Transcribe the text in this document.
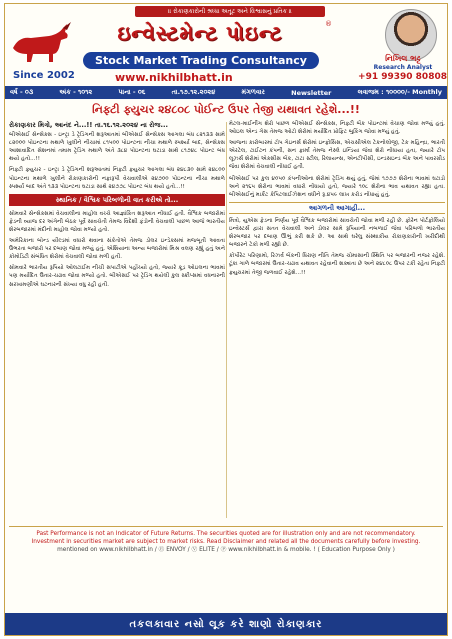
॥ રોકાણકારોની શ્રધ્ધા અતૂટ અને વિશ્વાસનું પ્રતિક ॥
ઇન્વેસ્ટમેન્ટ પોઇન્ટ	®
Stock Market Trading Consultancy
Since 2002	www.nikhilbhatt.in
નિખિલ ભટ્ટ
Research Analyst
+91 99390 80808
વર્ષ - ૦૩	અંક - ૧૦૧૨	પાના - ૦૬	તા.૧૭.૧૨.૨૦૨૪	મંગળવાર	Newsletter	લવાજમ : ૧૦૦૦૦/- Monthly
નિફ્ટી ફ્યુચર ૨૪૮૦૮ પોઈન્ટ ઉપર તેજી યથાવત રહેશે...!!
રોકાણકાર મિત્રો, આનંદ ને...!! તા.૧૬.૧૨.૨૦૨૪ ના રોજ...
બીએસઈ સેન્સેક્સ - ઇન્ટ્રા ડે ટ્રેડિંગની શરૂઆતમાં બીએસઈ સેન્સેક્સ આગલા બંધ ૮૨૧૩૩ સામે ૮૨૦૦૦ પોઇન્ટના મથાળે ખુલીને નીચામાં ૮૧૫૦૦ પોઇન્ટના નીચા મથાળે સ્પર્શ્યા બાદ, સેન્સેક્સ આશાવાદિત સેશનમાં તમામ ટ્રેડિંગ મથાળે અંતે ૩૮૪ પોઇન્ટના ઘટાડા સાથે ૮૧૭૪૮ પોઇન્ટ બંધ થયો હતો...!!
નિફ્ટી ફ્યુચર - ઇન્ટ્રા ડે ટ્રેડિંગની શરૂઆતમાં નિફ્ટી ફ્યુચર આગલા બંધ ૨૪૮૩૦ સામે ૨૪૮૦૦ પોઇન્ટના મથાળે ખુલીને રોકાણકારોની નફારૂપી વેચવાલીએ ૨૪૭૦૦ પોઇન્ટના નીચા મથાળે સ્પર્શ્યા બાદ અંતે ૧૩૩ પોઇન્ટના ઘટાડા સાથે ૨૪૭૭૮ પોઇન્ટ બંધ થયો હતો...!!
સ્થાનિક / વૈશ્વિક પરિબળોની વાત કરીએ તો...
સોમવારે સેન્સેક્સમાં વેચવાલીના માહોલ વચ્ચે આજ્ઞાંકિત શરૂઆત નોંધાઈ હતી. વૈશ્વિક બજારોમાં ફેડની વ્યાજ દર અંગેની બેઠક પૂર્વે સાવચેતી તેમજ વિદેશી ફંડોની વેચવાલી પાછળ આજે ભારતીય શેરબજારમાં મંદીનો માહોલ જોવા મળ્યો હતો.
અમેરિકાના બોન્ડ યીલ્ડમાં વધારો થવાના સંકેતોએ તેમજ ડોલર ઇન્ડેક્સમાં મજબૂતી આવતા ઉભરતા બજારો પર દબાણ જોવા મળ્યું હતું. એશિયાના અન્ય બજારોમાં મિશ્ર વલણ રહ્યું હતું અને કોમોડિટી સંબંધિત શેરોમાં વેચવાલી જોવા મળી હતી.
સોમવારે ભારતીય રૂપિયો ઓલટાઈમ નીચી સપાટીએ પહોંચ્યો હતો, જ્યારે ક્રૂડ ઓઇલના ભાવમાં પણ મર્યાદિત ઉતાર-ચઢાવ જોવા મળ્યો હતો. બીએસઈ પર ટ્રેડિંગ થયેલી કુલ સ્ક્રીપ્સમાં વધનારની સરખામણીએ ઘટનારની સંખ્યા વધુ રહી હતી.
મેટલ-માઈનીંગ શેરો પાછળ બીએસઈ સેન્સેક્સ, નિફ્ટી બેંક પોઇન્ટમાં વેચાણ જોવા મળ્યું હતું. ઓઇલ એન્ડ ગેસ તેમજ ઓટો શેરોમાં મર્યાદિત પ્રોફિટ બુકિંગ જોવા મળ્યું હતું.
આજના કારોબારમાં ટોપ ગેઇનર્સ શેરોમાં ઇન્ફોસિસ, એચસીએલ ટેકનોલોજી, ટેક મહિન્દ્રા, ભારતી એરટેલ, ટાઈટન કંપની, સન ફાર્મા તેમજ નેસ્લે ઇન્ડિયા જેવા શેરો નોંધાયા હતા, જ્યારે ટોપ લૂઝર્સ શેરોમાં એક્સીસ બેંક, ટાટા સ્ટીલ, રિલાયન્સ, એનટીપીસી, ઇન્ડસઇન્ડ બેંક અને પાવરગ્રીડ જેવા શેરોમાં વેચવાલી નોંધાઈ હતી.
બીએસઈ પર કુલ ૪૦૫૦ કંપનીઓના શેરોમાં ટ્રેડિંગ થયું હતું, જેમાં ૧૭૭૭ શેરોના ભાવમાં ઘટાડો અને ૨૧૬૫ શેરોના ભાવમાં વધારો નોંધાયો હતો, જ્યારે ૧૦૮ શેરોના ભાવ યથાવત રહ્યા હતા. બીએસઈનું માર્કેટ કેપિટલાઈઝેશન વધીને રૂ.૪૫૯ લાખ કરોડ નોંધાયું હતું.
આગળની આગાહી...
મિત્રો, યુએસ ફેડના નિર્ણય પૂર્વે વૈશ્વિક બજારોમાં સાવચેતી જોવા મળી રહી છે. ફોરેન પોર્ટફોલિયો ઇન્વેસ્ટર્સ દ્વારા સતત વેચવાલી અને ડોલર સામે રૂપિયાની નબળાઈ જેવા પરિબળો ભારતીય શેરબજાર પર દબાણ ઊભું કરી શકે છે. આ સાથે ઘરેલુ સંસ્થાકીય રોકાણકારોની ખરીદીથી બજારને ટેકો મળી રહ્યો છે.
કોર્પોરેટ પરિણામો, રિઝર્વ બેંકની ધિરાણ નીતિ તેમજ ચોમાસાની સ્થિતિ પર બજારની નજર રહેશે. ટૂંકા ગાળે બજારમાં ઉતાર-ચઢાવ યથાવત રહેવાની શક્યતા છે અને ૨૪૮૦૮ ઉપર ટકી રહેતા નિફ્ટી ફ્યુચરમાં તેજી જળવાઈ રહેશે...!!
Past Performance is not an Indicator of Future Returns. The securities quoted are for illustration only and are not recommendatory.
Investment in securities market are subject to market risks. Read Disclaimer and related all the documents carefully before investing.
mentioned on www.nikhilbhatt.in / Ⓔ ENVOY / Ⓥ ELITE / Ⓟ www.nikhilbhatt.in & mobile. ! ( Education Purpose Only )
તકલકાવાર નસો લૂક કરે શાણો રોકાણકાર
